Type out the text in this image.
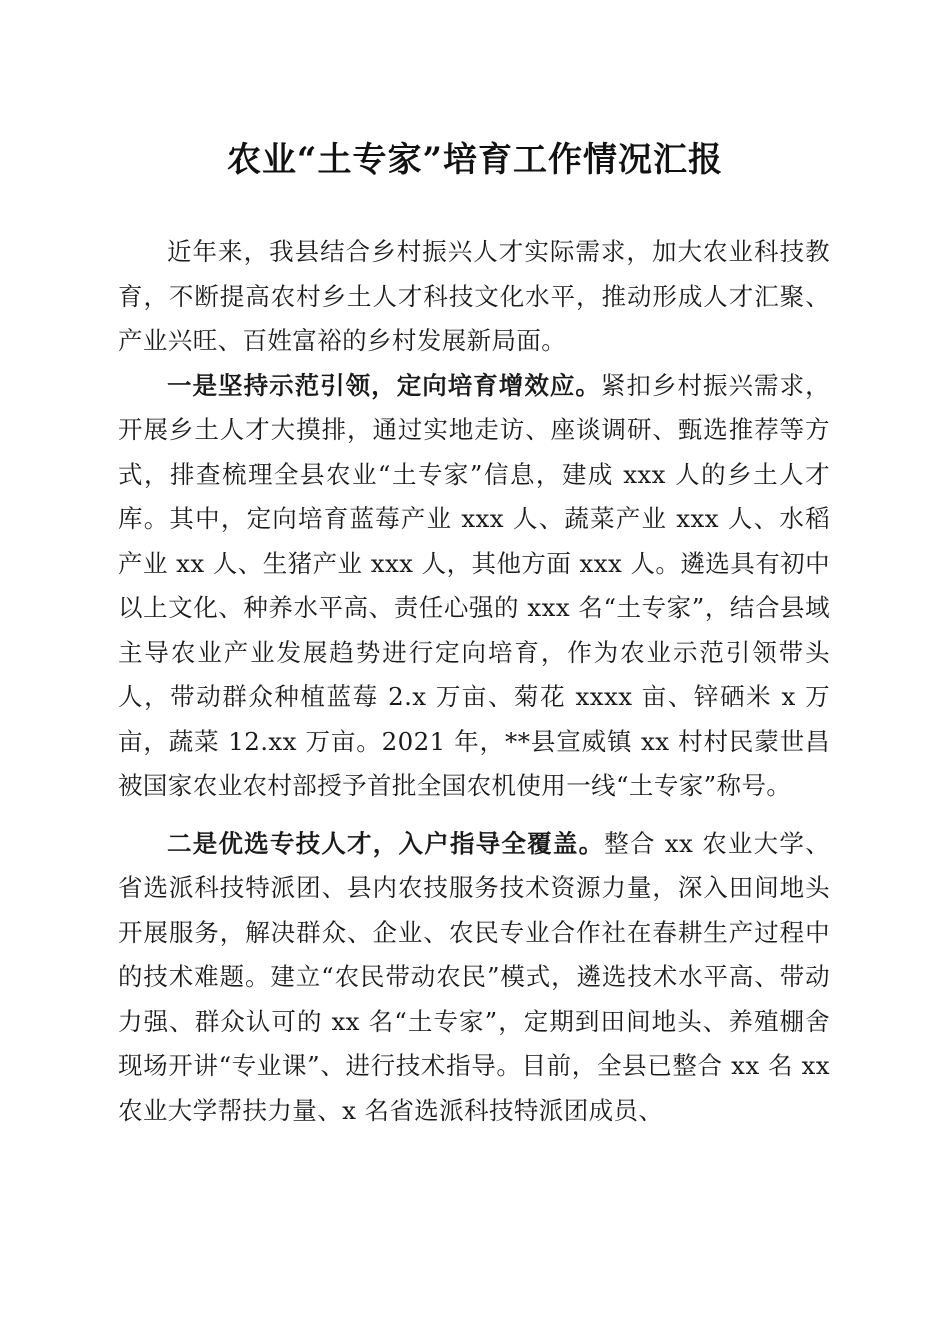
农业“土专家”培育工作情况汇报

近年来，我县结合乡村振兴人才实际需求，加大农业科技教育，不断提高农村乡土人才科技文化水平，推动形成人才汇聚、产业兴旺、百姓富裕的乡村发展新局面。

一是坚持示范引领，定向培育增效应。紧扣乡村振兴需求，开展乡土人才大摸排，通过实地走访、座谈调研、甄选推荐等方式，排查梳理全县农业“土专家”信息，建成 xxx 人的乡土人才库。其中，定向培育蓝莓产业 xxx 人、蔬菜产业 xxx 人、水稻产业 xx 人、生猪产业 xxx 人，其他方面 xxx 人。遴选具有初中以上文化、种养水平高、责任心强的 xxx 名“土专家”，结合县域主导农业产业发展趋势进行定向培育，作为农业示范引领带头人，带动群众种植蓝莓 2.x 万亩、菊花 xxxx 亩、锌硒米 x 万亩，蔬菜 12.xx 万亩。2021 年，**县宣威镇 xx 村村民蒙世昌被国家农业农村部授予首批全国农机使用一线“土专家”称号。

二是优选专技人才，入户指导全覆盖。整合 xx 农业大学、省选派科技特派团、县内农技服务技术资源力量，深入田间地头开展服务，解决群众、企业、农民专业合作社在春耕生产过程中的技术难题。建立“农民带动农民”模式，遴选技术水平高、带动力强、群众认可的 xx 名“土专家”，定期到田间地头、养殖棚舍现场开讲“专业课”、进行技术指导。目前，全县已整合 xx 名 xx 农业大学帮扶力量、x 名省选派科技特派团成员、
